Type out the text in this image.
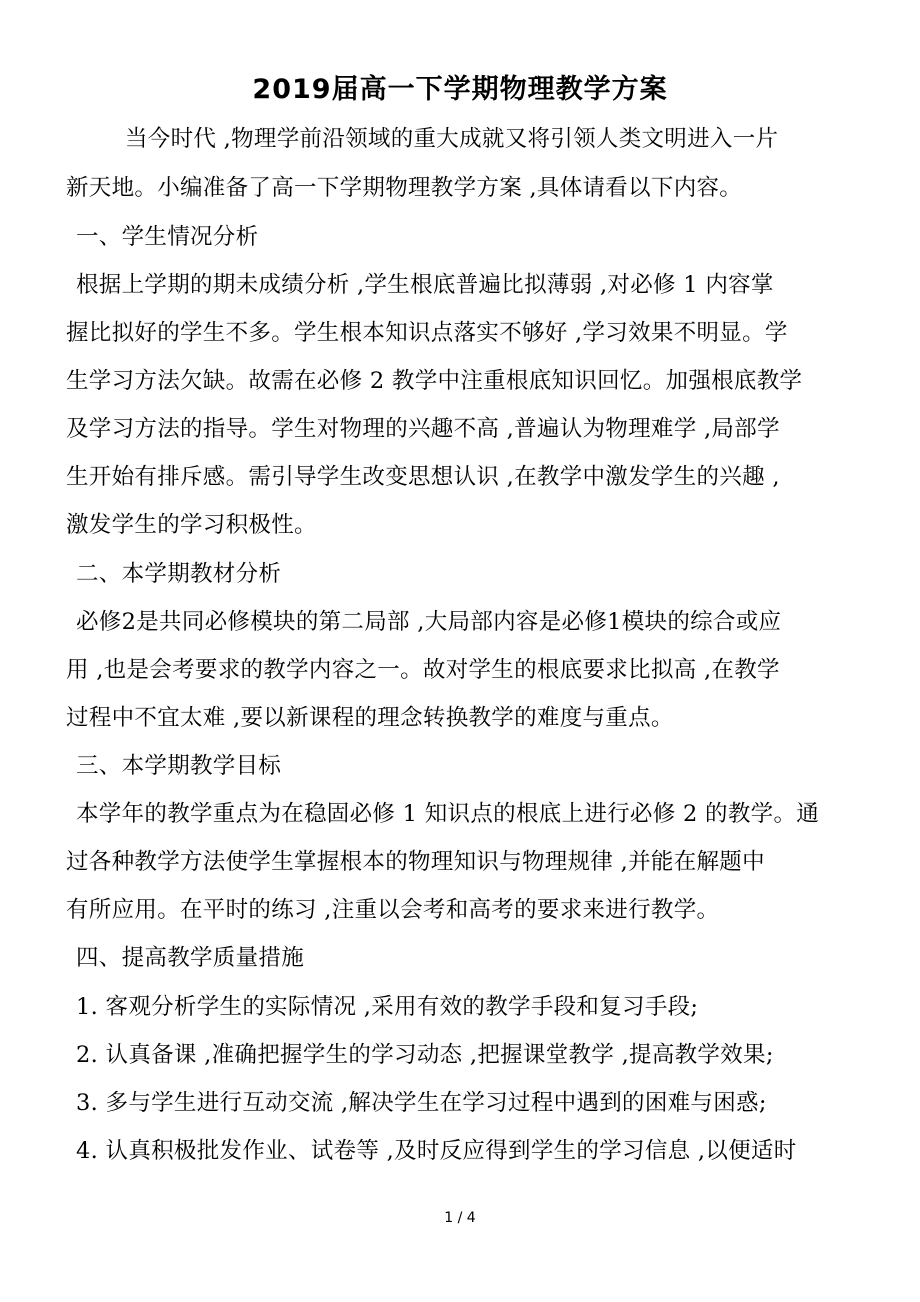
2019届高一下学期物理教学方案
当今时代 ,物理学前沿领域的重大成就又将引领人类文明进入一片
新天地。小编准备了高一下学期物理教学方案 ,具体请看以下内容。
一、学生情况分析
根据上学期的期未成绩分析 ,学生根底普遍比拟薄弱 ,对必修 1 内容掌
握比拟好的学生不多。学生根本知识点落实不够好 ,学习效果不明显。学
生学习方法欠缺。故需在必修 2 教学中注重根底知识回忆。加强根底教学
及学习方法的指导。学生对物理的兴趣不高 ,普遍认为物理难学 ,局部学
生开始有排斥感。需引导学生改变思想认识 ,在教学中激发学生的兴趣 ,
激发学生的学习积极性。
二、本学期教材分析
必修2是共同必修模块的第二局部 ,大局部内容是必修1模块的综合或应
用 ,也是会考要求的教学内容之一。故对学生的根底要求比拟高 ,在教学
过程中不宜太难 ,要以新课程的理念转换教学的难度与重点。
三、本学期教学目标
本学年的教学重点为在稳固必修 1 知识点的根底上进行必修 2 的教学。通
过各种教学方法使学生掌握根本的物理知识与物理规律 ,并能在解题中
有所应用。在平时的练习 ,注重以会考和高考的要求来进行教学。
四、提高教学质量措施
1. 客观分析学生的实际情况 ,采用有效的教学手段和复习手段;
2. 认真备课 ,准确把握学生的学习动态 ,把握课堂教学 ,提高教学效果;
3. 多与学生进行互动交流 ,解决学生在学习过程中遇到的困难与困惑;
4. 认真积极批发作业、试卷等 ,及时反应得到学生的学习信息 ,以便适时
1 / 4
